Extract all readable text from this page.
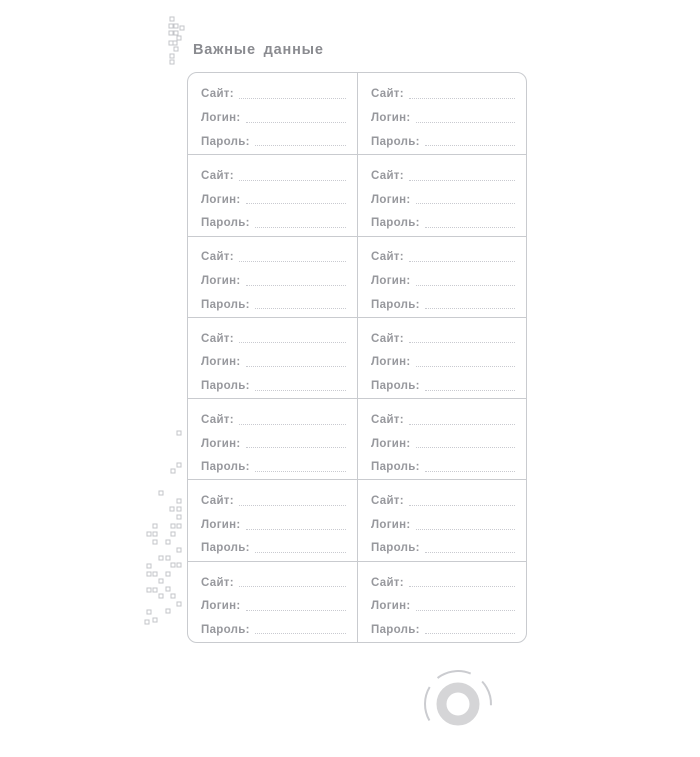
Важные данные
Сайт:
Логин:
Пароль:
Сайт:
Логин:
Пароль:
Сайт:
Логин:
Пароль:
Сайт:
Логин:
Пароль:
Сайт:
Логин:
Пароль:
Сайт:
Логин:
Пароль:
Сайт:
Логин:
Пароль:
Сайт:
Логин:
Пароль:
Сайт:
Логин:
Пароль:
Сайт:
Логин:
Пароль:
Сайт:
Логин:
Пароль:
Сайт:
Логин:
Пароль:
Сайт:
Логин:
Пароль:
Сайт:
Логин:
Пароль:
